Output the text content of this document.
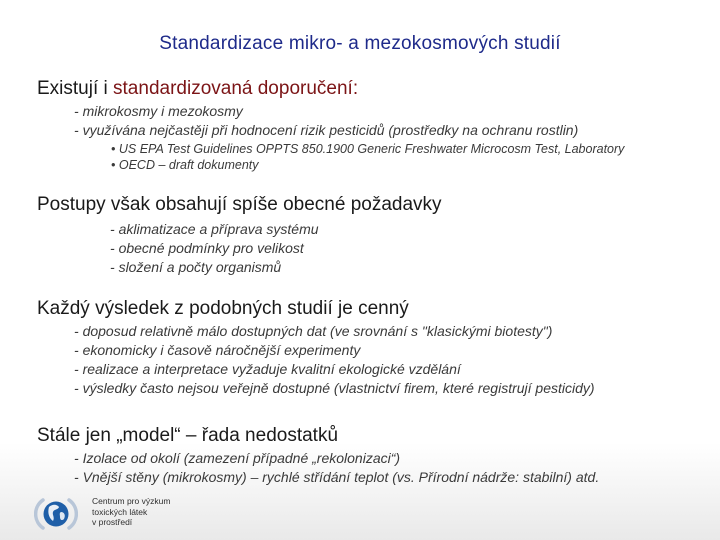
Standardizace mikro- a mezokosmových studií
Existují i standardizovaná doporučení:
- mikrokosmy i mezokosmy
- využívána nejčastěji při hodnocení rizik pesticidů (prostředky na ochranu rostlin)
• US EPA Test Guidelines OPPTS 850.1900 Generic Freshwater Microcosm Test, Laboratory
• OECD – draft dokumenty
Postupy však obsahují spíše obecné požadavky
- aklimatizace a příprava systému
- obecné podmínky pro velikost
- složení a počty organismů
Každý výsledek z podobných studií je cenný
- doposud relativně málo dostupných dat (ve srovnání s "klasickými biotesty")
- ekonomicky i časově náročnější experimenty
- realizace a interpretace vyžaduje kvalitní ekologické vzdělání
- výsledky často nejsou veřejně dostupné (vlastnictví firem, které registrují pesticidy)
Stále jen „model“ – řada nedostatků
- Izolace od okolí (zamezení případné „rekolonizaci“)
- Vnější stěny (mikrokosmy) – rychlé střídání teplot (vs. Přírodní nádrže: stabilní) atd.
Centrum pro výzkum
toxických látek
v prostředí
